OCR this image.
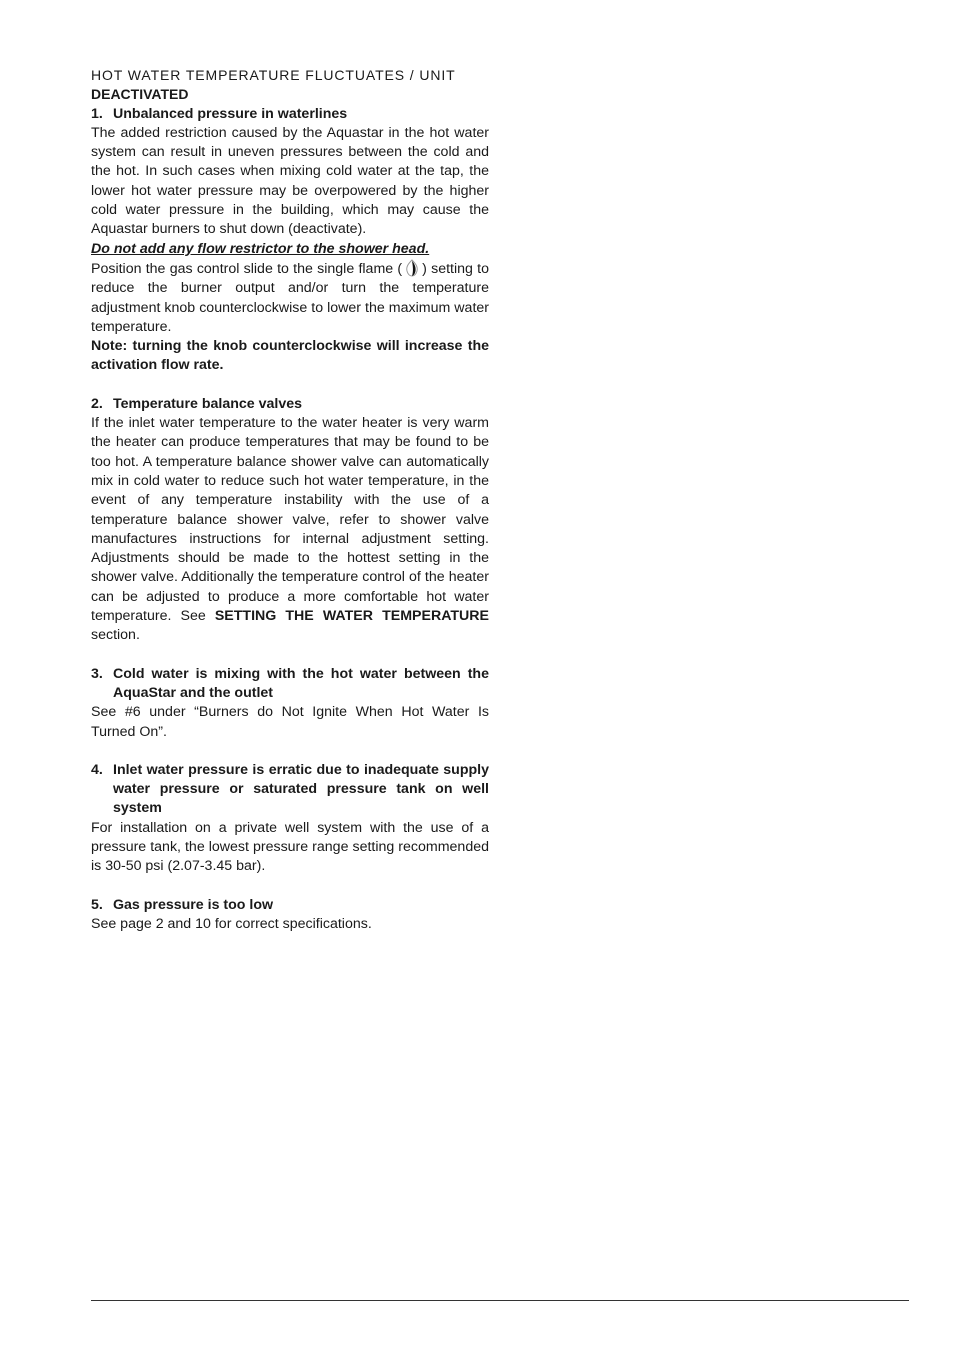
HOT WATER TEMPERATURE FLUCTUATES / UNIT
DEACTIVATED
1. Unbalanced pressure in waterlines

The added restriction caused by the Aquastar in the hot water system can result in uneven pressures between the cold and the hot. In such cases when mixing cold water at the tap, the lower hot water pressure may be overpowered by the higher cold water pressure in the building, which may cause the Aquastar burners to shut down (deactivate).

Do not add any flow restrictor to the shower head.

Position the gas control slide to the single flame ( ) setting to reduce the burner output and/or turn the temperature adjustment knob counterclockwise to lower the maximum water temperature.

Note: turning the knob counterclockwise will increase the activation flow rate.

2. Temperature balance valves

If the inlet water temperature to the water heater is very warm the heater can produce temperatures that may be found to be too hot. A temperature balance shower valve can automatically mix in cold water to reduce such hot water temperature, in the event of any temperature instability with the use of a temperature balance shower valve, refer to shower valve manufactures instructions for internal adjustment setting. Adjustments should be made to the hottest setting in the shower valve. Additionally the temperature control of the heater can be adjusted to produce a more comfortable hot water temperature. See SETTING THE WATER TEMPERATURE section.

3. Cold water is mixing with the hot water between the AquaStar and the outlet

See #6 under “Burners do Not Ignite When Hot Water Is Turned On”.

4. Inlet water pressure is erratic due to inadequate supply water pressure or saturated pressure tank on well system

For installation on a private well system with the use of a pressure tank, the lowest pressure range setting recommended is 30-50 psi (2.07-3.45 bar).

5. Gas pressure is too low

See page 2 and 10 for correct specifications.
